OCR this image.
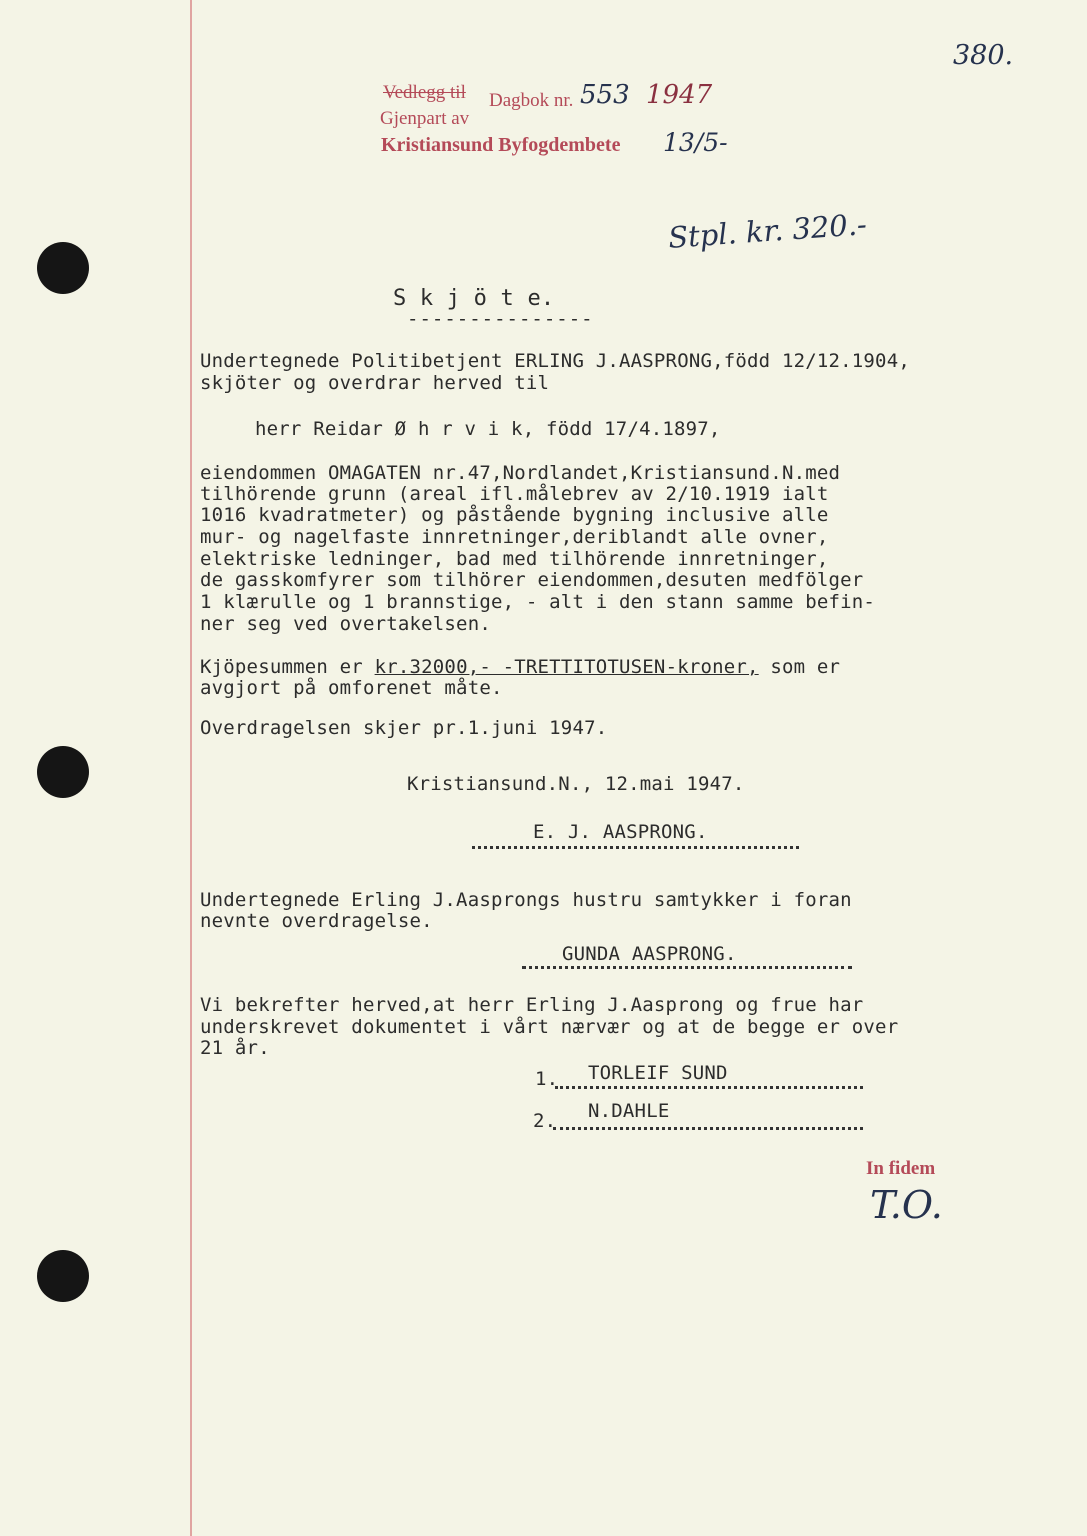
380.
Vedlegg til Dagbok nr. 553 1947
Gjenpart av
Kristiansund Byfogdembete 13/5-
Stpl. kr. 320.-
S k j ö t e.
---------------
Undertegnede Politibetjent ERLING J.AASPRONG,född 12/12.1904,
skjöter og overdrar herved til
herr Reidar Ø h r v i k, född 17/4.1897,
eiendommen OMAGATEN nr.47,Nordlandet,Kristiansund.N.med
tilhörende grunn (areal ifl.målebrev av 2/10.1919 ialt
1016 kvadratmeter) og påstående bygning inclusive alle
mur- og nagelfaste innretninger,deriblandt alle ovner,
elektriske ledninger, bad med tilhörende innretninger,
de gasskomfyrer som tilhörer eiendommen,desuten medfölger
1 klærulle og 1 brannstige, - alt i den stann samme befin-
ner seg ved overtakelsen.
Kjöpesummen er kr.32000,- -TRETTITOTUSEN-kroner, som er
avgjort på omforenet måte.
Overdragelsen skjer pr.1.juni 1947.
Kristiansund.N., 12.mai 1947.
E. J. AASPRONG.
Undertegnede Erling J.Aasprongs hustru samtykker i foran
nevnte overdragelse.
GUNDA AASPRONG.
Vi bekrefter herved,at herr Erling J.Aasprong og frue har
underskrevet dokumentet i vårt nærvær og at de begge er over
21 år.
1. TORLEIF SUND
2. N.DAHLE
In fidem
T.O.
